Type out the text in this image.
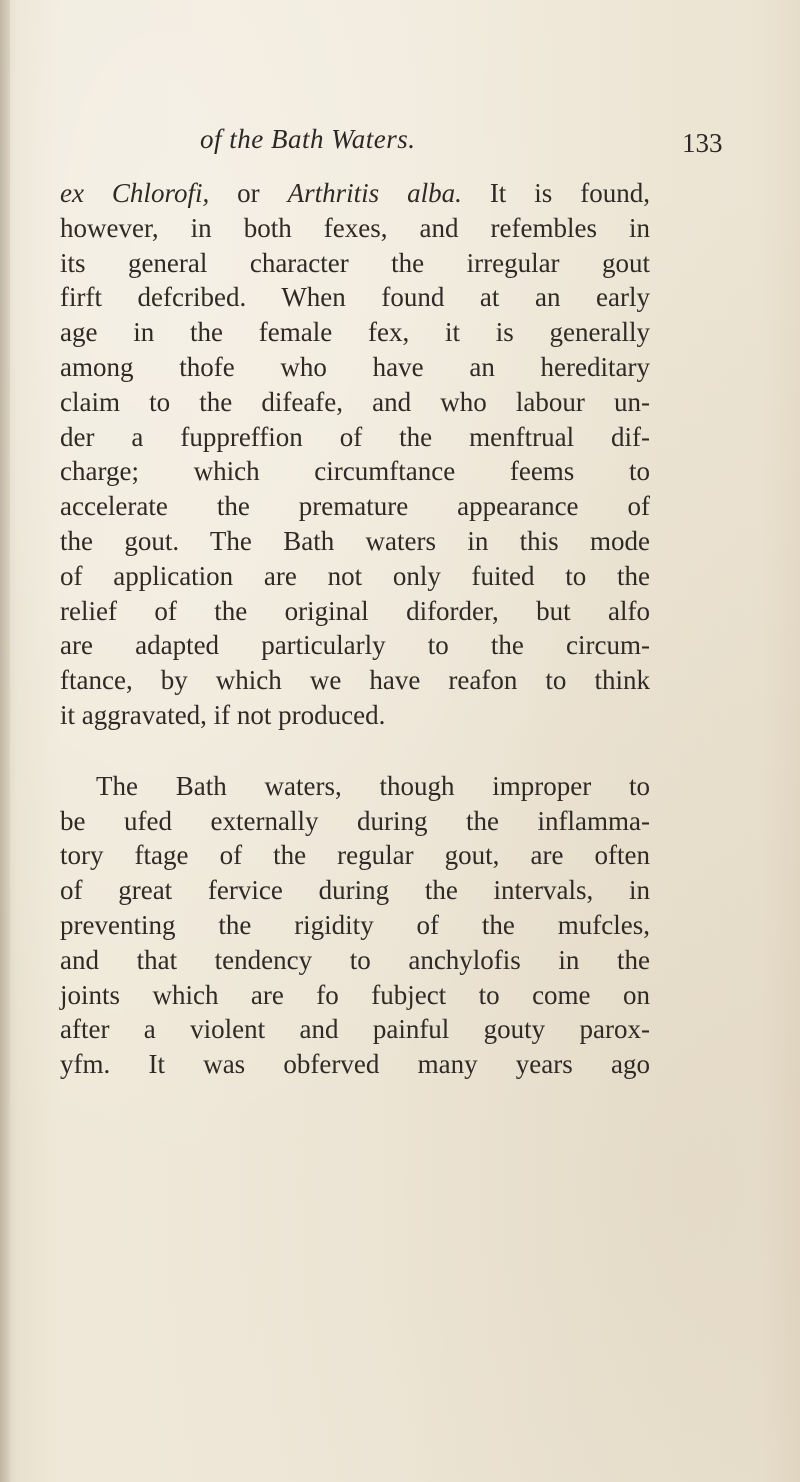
of the Bath Waters.	133
ex Chlorofi, or Arthritis alba. It is found,
however, in both fexes, and refembles in
its general character the irregular gout
firft defcribed. When found at an early
age in the female fex, it is generally
among thofe who have an hereditary
claim to the difeafe, and who labour un-
der a fuppreffion of the menftrual dif-
charge; which circumftance feems to
accelerate the premature appearance of
the gout. The Bath waters in this mode
of application are not only fuited to the
relief of the original diforder, but alfo
are adapted particularly to the circum-
ftance, by which we have reafon to think
it aggravated, if not produced.
The Bath waters, though improper to
be ufed externally during the inflamma-
tory ftage of the regular gout, are often
of great fervice during the intervals, in
preventing the rigidity of the mufcles,
and that tendency to anchylofis in the
joints which are fo fubject to come on
after a violent and painful gouty parox-
yfm. It was obferved many years ago
